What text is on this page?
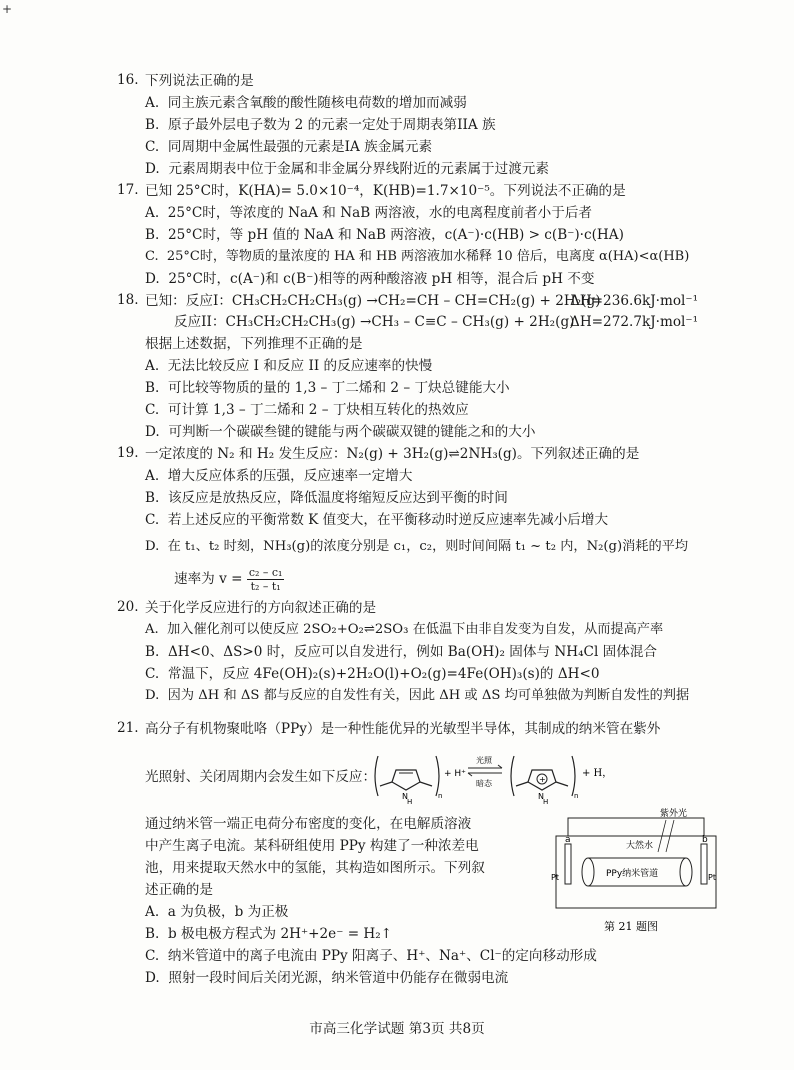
+
16. 下列说法正确的是
A.  同主族元素含氧酸的酸性随核电荷数的增加而减弱
B.  原子最外层电子数为 2 的元素一定处于周期表第IIA 族
C.  同周期中金属性最强的元素是IA 族金属元素
D.  元素周期表中位于金属和非金属分界线附近的元素属于过渡元素
17. 已知 25°C时，K(HA)= 5.0×10⁻⁴，K(HB)=1.7×10⁻⁵。下列说法不正确的是
A.  25°C时，等浓度的 NaA 和 NaB 两溶液，水的电离程度前者小于后者
B.  25°C时，等 pH 值的 NaA 和 NaB 两溶液，c(A⁻)·c(HB) > c(B⁻)·c(HA)
C.  25°C时，等物质的量浓度的 HA 和 HB 两溶液加水稀释 10 倍后，电离度 α(HA)<α(HB)
D.  25°C时，c(A⁻)和 c(B⁻)相等的两种酸溶液 pH 相等，混合后 pH 不变
18. 已知：反应I：CH₃CH₂CH₂CH₃(g) →CH₂=CH – CH=CH₂(g) + 2H₂(g)
ΔH=236.6kJ·mol⁻¹
反应II：CH₃CH₂CH₂CH₃(g) →CH₃ – C≡C – CH₃(g) + 2H₂(g)
ΔH=272.7kJ·mol⁻¹
根据上述数据，下列推理不正确的是
A.  无法比较反应 I 和反应 II 的反应速率的快慢
B.  可比较等物质的量的 1,3 – 丁二烯和 2 – 丁炔总键能大小
C.  可计算 1,3 – 丁二烯和 2 – 丁炔相互转化的热效应
D.  可判断一个碳碳叁键的键能与两个碳碳双键的键能之和的大小
19. 一定浓度的 N₂ 和 H₂ 发生反应：N₂(g) + 3H₂(g)⇌2NH₃(g)。下列叙述正确的是
A.  增大反应体系的压强，反应速率一定增大
B.  该反应是放热反应，降低温度将缩短反应达到平衡的时间
C.  若上述反应的平衡常数 K 值变大，在平衡移动时逆反应速率先减小后增大
D.  在 t₁、t₂ 时刻，NH₃(g)的浓度分别是 c₁，c₂，则时间间隔 t₁ ~ t₂ 内，N₂(g)消耗的平均
速率为 $v = \frac{\text{c₂ – c₁}}{\text{t₂ – t₁}}$
20. 关于化学反应进行的方向叙述正确的是
A.  加入催化剂可以使反应 2SO₂+O₂⇌2SO₃ 在低温下由非自发变为自发，从而提高产率
B.  ΔH<0、ΔS>0 时，反应可以自发进行，例如 Ba(OH)₂ 固体与 NH₄Cl 固体混合
C.  常温下，反应 4Fe(OH)₂(s)+2H₂O(l)+O₂(g)=4Fe(OH)₃(s)的 ΔH<0
D.  因为 ΔH 和 ΔS 都与反应的自发性有关，因此 ΔH 或 ΔS 均可单独做为判断自发性的判据
21. 高分子有机物聚吡咯（PPy）是一种性能优异的光敏型半导体，其制成的纳米管在紫外
光照射、关闭周期内会发生如下反应：
N
H
n
+ H⁺
光照
暗态	+
N
H
n
+ H，
通过纳米管一端正电荷分布密度的变化，在电解质溶液
中产生离子电流。某科研组使用 PPy 构建了一种浓差电
池，用来提取天然水中的氢能，其构造如图所示。下列叙
述正确的是
A.  a 为负极，b 为正极
B.  b 极电极方程式为 2H⁺+2e⁻ = H₂↑
C.  纳米管道中的离子电流由 PPy 阳离子、H⁺、Na⁺、Cl⁻的定向移动形成
D.  照射一段时间后关闭光源，纳米管道中仍能存在微弱电流
紫外光
a	b
Pt	Pt
大然水
PPy纳米管道
第 21 题图
市高三化学试题 第3页 共8页
